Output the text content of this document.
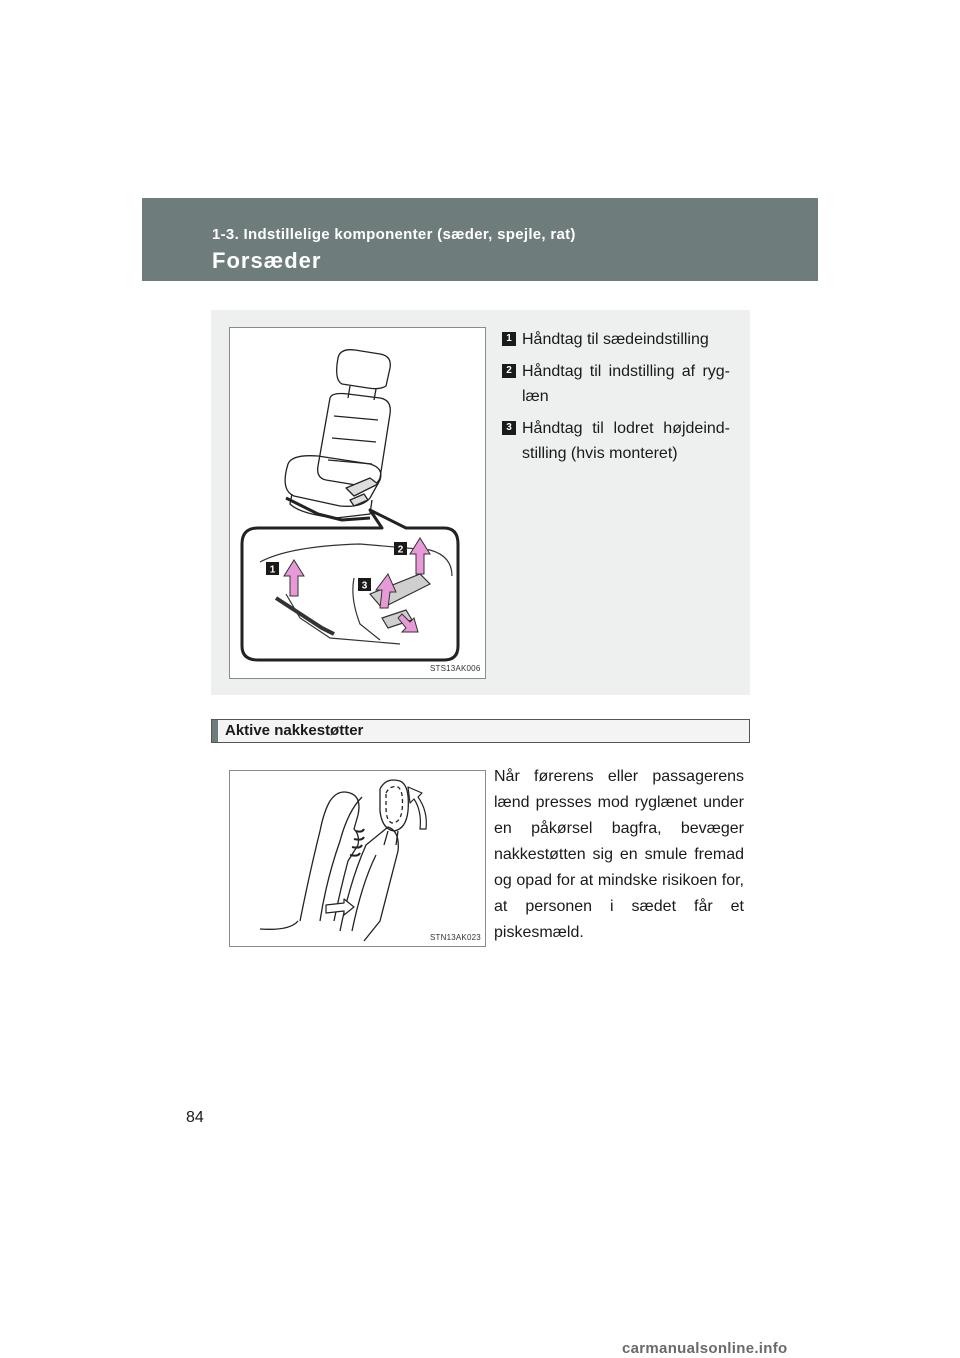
1-3. Indstillelige komponenter (sæder, spejle, rat)
Forsæder
1
2
3
STS13AK006
1 Håndtag til sædeindstilling
2 Håndtag til indstilling af ryglæn
3 Håndtag til lodret højdeindstilling (hvis monteret)
Aktive nakkestøtter
STN13AK023
Når førerens eller passagerens lænd presses mod ryglænet under en påkørsel bagfra, bevæger nakkestøtten sig en smule fremad og opad for at mindske risikoen for, at personen i sædet får et piskesmæld.
84
carmanualsonline.info
